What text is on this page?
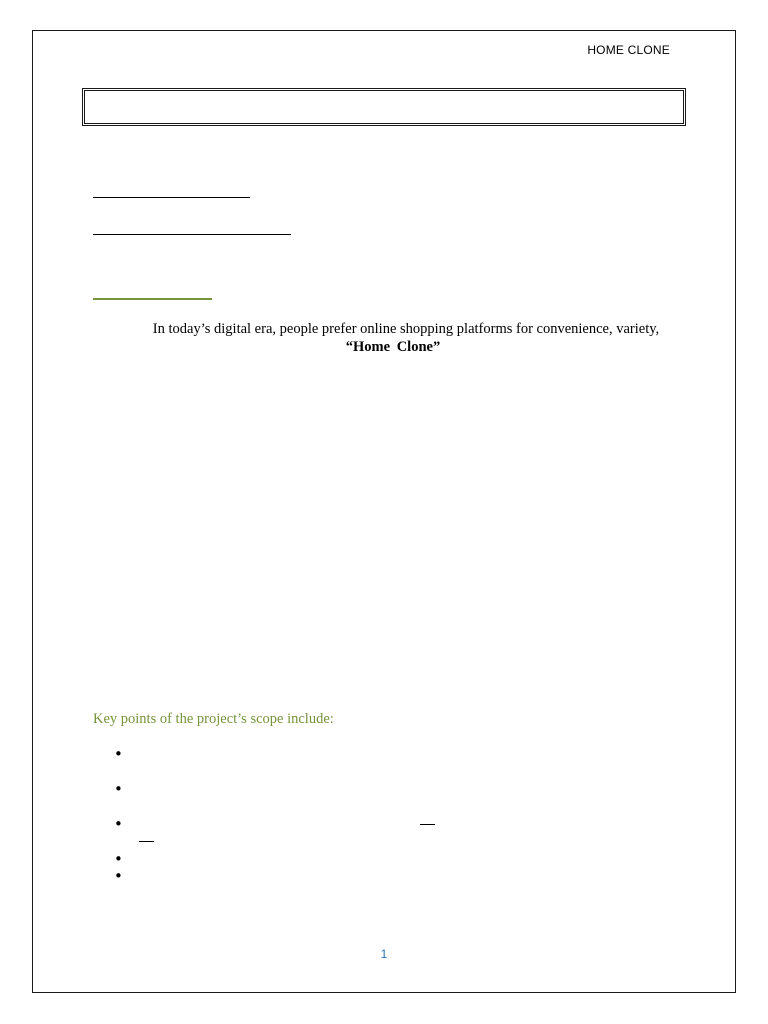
HOME CLONE
In today’s digital era, people prefer online shopping platforms for convenience, variety,
“Home Clone”
Key points of the project’s scope include:
•
•
•
•
•
1
